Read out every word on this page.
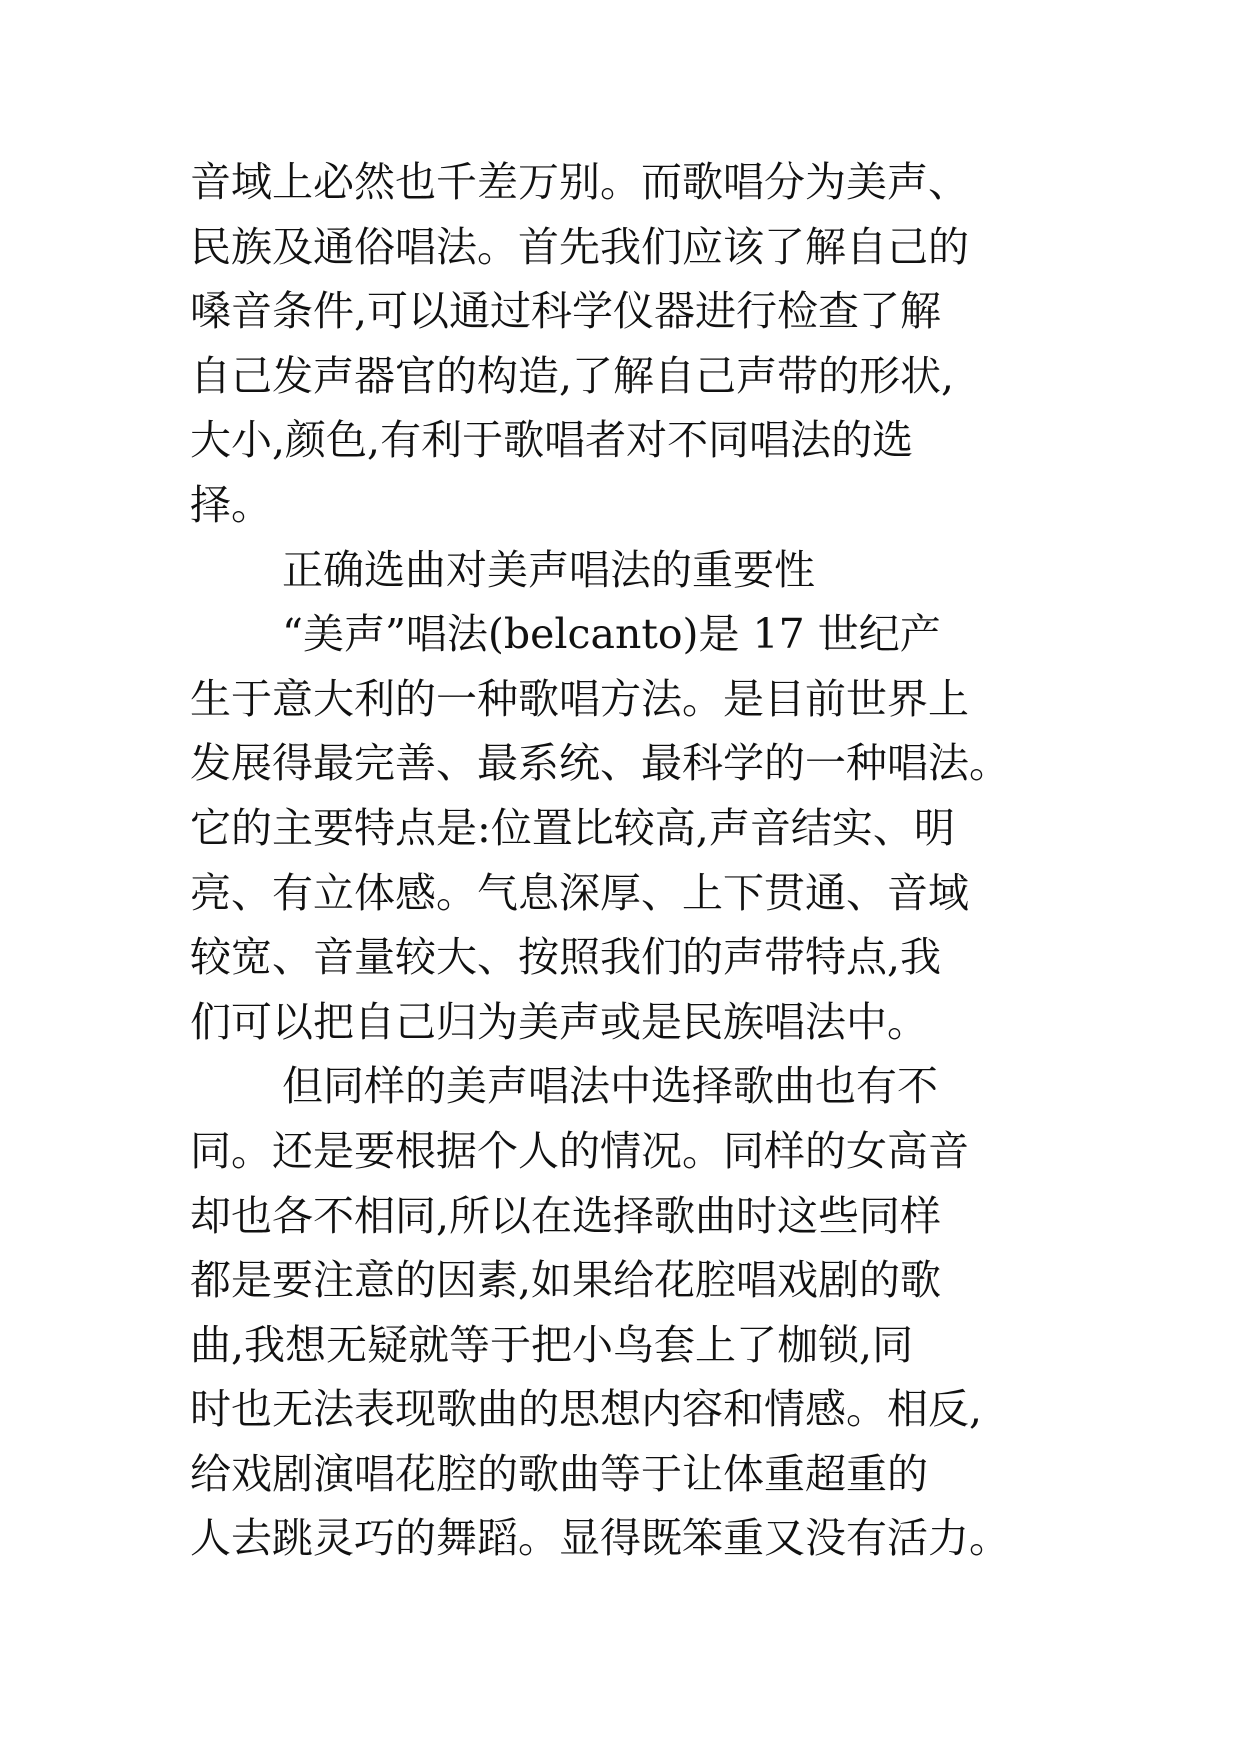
音域上必然也千差万别。而歌唱分为美声、
民族及通俗唱法。首先我们应该了解自己的
嗓音条件,可以通过科学仪器进行检查了解
自己发声器官的构造,了解自己声带的形状,
大小,颜色,有利于歌唱者对不同唱法的选
择。
正确选曲对美声唱法的重要性
“美声”唱法(belcanto)是 17 世纪产
生于意大利的一种歌唱方法。是目前世界上
发展得最完善、最系统、最科学的一种唱法。
它的主要特点是:位置比较高,声音结实、明
亮、有立体感。气息深厚、上下贯通、音域
较宽、音量较大、按照我们的声带特点,我
们可以把自己归为美声或是民族唱法中。
但同样的美声唱法中选择歌曲也有不
同。还是要根据个人的情况。同样的女高音
却也各不相同,所以在选择歌曲时这些同样
都是要注意的因素,如果给花腔唱戏剧的歌
曲,我想无疑就等于把小鸟套上了枷锁,同
时也无法表现歌曲的思想内容和情感。相反,
给戏剧演唱花腔的歌曲等于让体重超重的
人去跳灵巧的舞蹈。显得既笨重又没有活力。
